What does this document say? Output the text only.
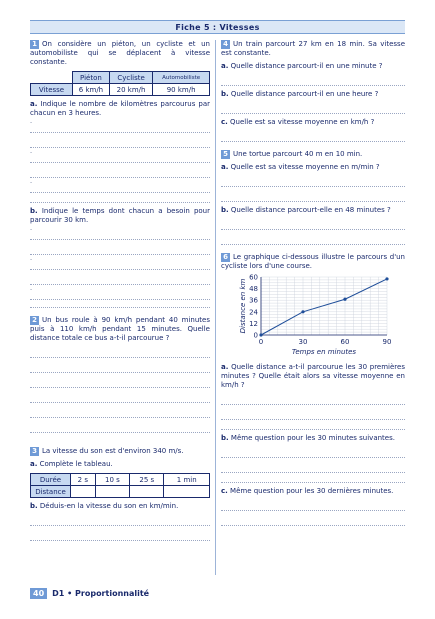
Fiche 5 : Vitesses

1 On considère un piéton, un cycliste et un automobiliste qui se déplacent à vitesse constante.

	Piéton	Cycliste	Automobiliste
Vitesse	6 km/h	20 km/h	90 km/h

a. Indique le nombre de kilomètres parcourus par chacun en 3 heures.

-
-
-

b. Indique le temps dont chacun a besoin pour parcourir 30 km.

-
-
-

2 Un bus roule à 90 km/h pendant 40 minutes puis à 110 km/h pendant 15 minutes. Quelle distance totale ce bus a-t-il parcourue ?

3 La vitesse du son est d'environ 340 m/s.

a. Complète le tableau.

Durée	2 s	10 s	25 s	1 min
Distance				

b. Déduis-en la vitesse du son en km/min.

4 Un train parcourt 27 km en 18 min. Sa vitesse est constante.

a. Quelle distance parcourt-il en une minute ?

b. Quelle distance parcourt-il en une heure ?

c. Quelle est sa vitesse moyenne en km/h ?

5 Une tortue parcourt 40 m en 10 min.

a. Quelle est sa vitesse moyenne en m/min ?

b. Quelle distance parcourt-elle en 48 minutes ?

6 Le graphique ci-dessous illustre le parcours d'un cycliste lors d'une course.

0
12
24
36
48
60
0	30	60	90
Temps en minutes
Distance en km

a. Quelle distance a-t-il parcourue les 30 premières minutes ? Quelle était alors sa vitesse moyenne en km/h ?

b. Même question pour les 30 minutes suivantes.

c. Même question pour les 30 dernières minutes.

40	D1 • Proportionnalité
